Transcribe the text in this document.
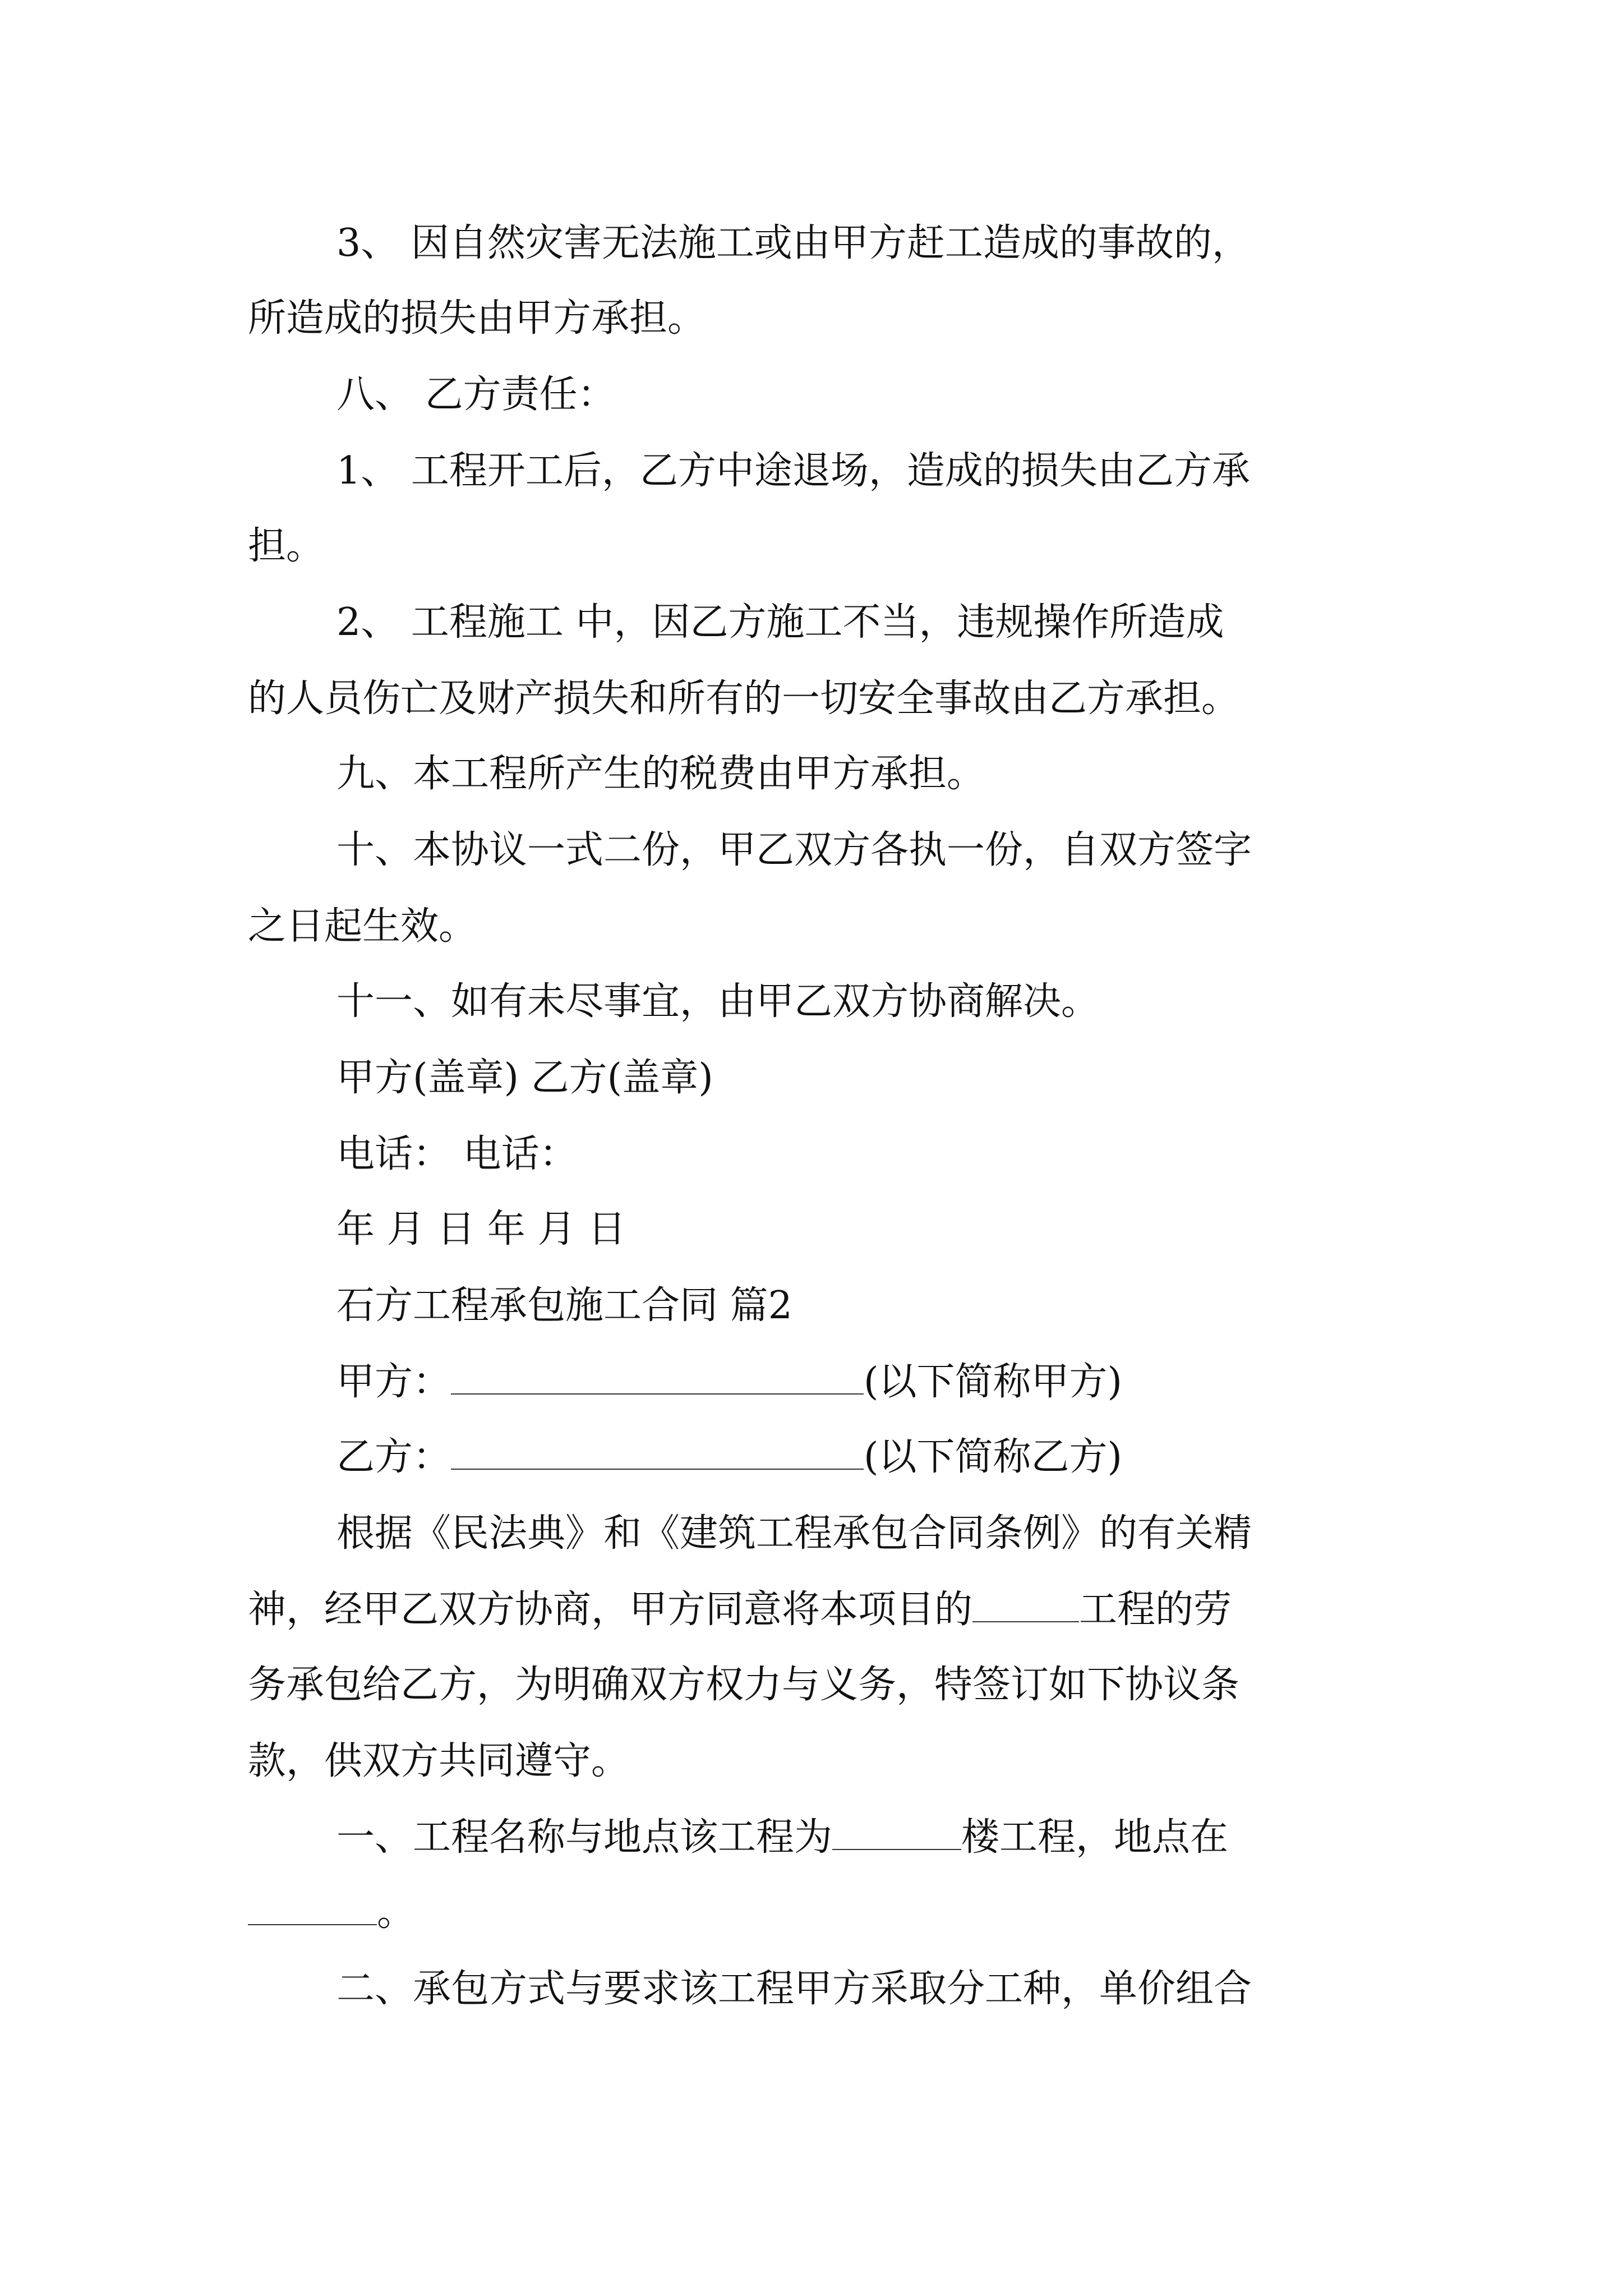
3、 因自然灾害无法施工或由甲方赶工造成的事故的，
所造成的损失由甲方承担。
八、 乙方责任：
1、 工程开工后，乙方中途退场，造成的损失由乙方承
担。
2、 工程施工 中，因乙方施工不当，违规操作所造成
的人员伤亡及财产损失和所有的一切安全事故由乙方承担。
九、本工程所产生的税费由甲方承担。
十、本协议一式二份，甲乙双方各执一份，自双方签字
之日起生效。
十一、如有未尽事宜，由甲乙双方协商解决。
甲方(盖章) 乙方(盖章)
电话： 电话：
年 月 日 年 月 日
石方工程承包施工合同 篇2
甲方：	(以下简称甲方)
乙方：	(以下简称乙方)
根据《民法典》和《建筑工程承包合同条例》的有关精
神，经甲乙双方协商，甲方同意将本项目的	工程的劳
务承包给乙方，为明确双方权力与义务，特签订如下协议条
款，供双方共同遵守。
一、工程名称与地点该工程为	楼工程，地点在
。
二、承包方式与要求该工程甲方采取分工种，单价组合
